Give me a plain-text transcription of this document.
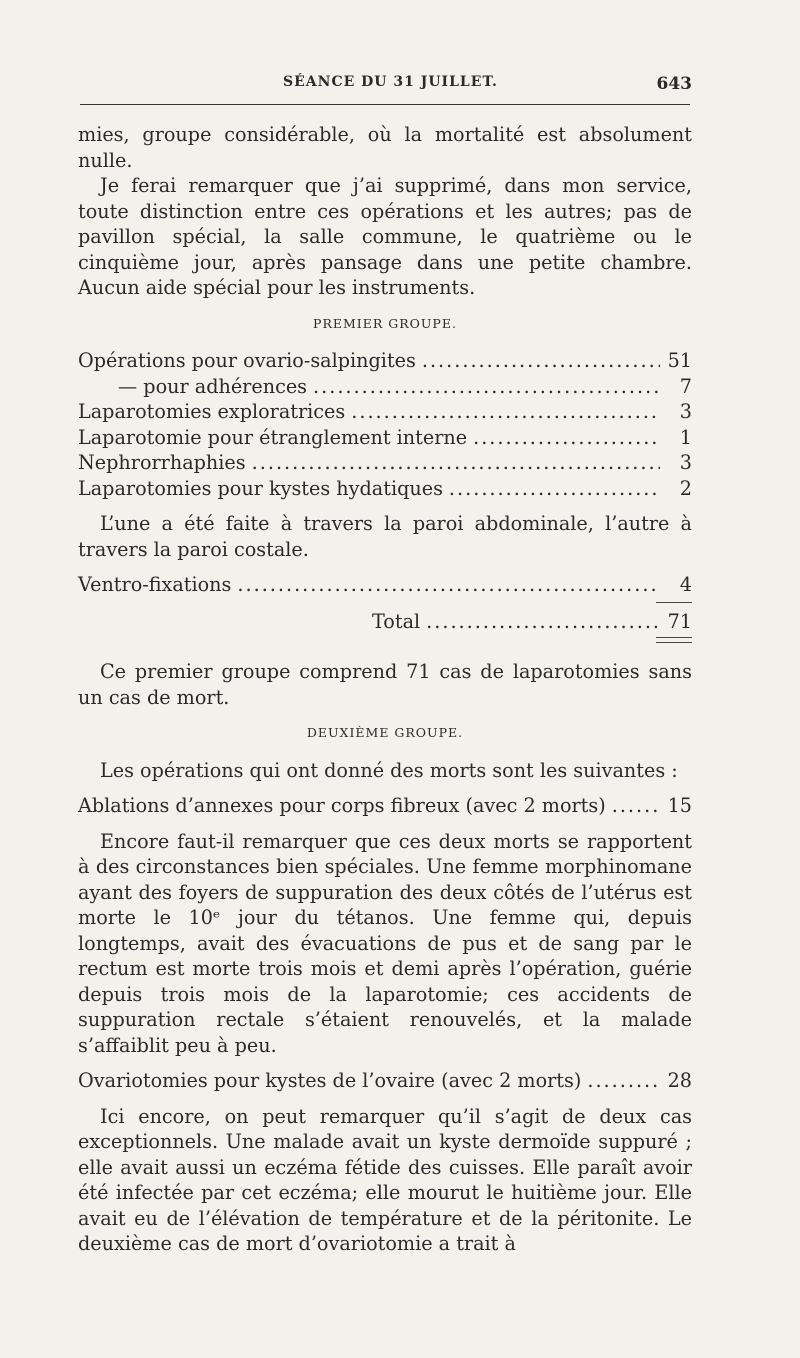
SÉANCE DU 31 JUILLET.	643

mies, groupe considérable, où la mortalité est absolument nulle.

Je ferai remarquer que j’ai supprimé, dans mon service, toute distinction entre ces opérations et les autres; pas de pavillon spécial, la salle commune, le quatrième ou le cinquième jour, après pansage dans une petite chambre. Aucun aide spécial pour les instruments.

PREMIER GROUPE.
Opérations pour ovario-salpingites .....	51
— pour adhérences .....	7
Laparotomies exploratrices .....	3
Laparotomie pour étranglement interne .....	1
Nephrorrhaphies .....	3
Laparotomies pour kystes hydatiques .....	2

L’une a été faite à travers la paroi abdominale, l’autre à travers la paroi costale.

Ventro-fixations .....	4
Total .....	71

Ce premier groupe comprend 71 cas de laparotomies sans un cas de mort.

DEUXIÈME GROUPE.

Les opérations qui ont donné des morts sont les suivantes :

Ablations d’annexes pour corps fibreux (avec 2 morts) .....	15

Encore faut-il remarquer que ces deux morts se rapportent à des circonstances bien spéciales. Une femme morphinomane ayant des foyers de suppuration des deux côtés de l’utérus est morte le 10ᵉ jour du tétanos. Une femme qui, depuis longtemps, avait des évacuations de pus et de sang par le rectum est morte trois mois et demi après l’opération, guérie depuis trois mois de la laparotomie; ces accidents de suppuration rectale s’étaient renouvelés, et la malade s’affaiblit peu à peu.

Ovariotomies pour kystes de l’ovaire (avec 2 morts) .....	28

Ici encore, on peut remarquer qu’il s’agit de deux cas exceptionnels. Une malade avait un kyste dermoïde suppuré ; elle avait aussi un eczéma fétide des cuisses. Elle paraît avoir été infectée par cet eczéma; elle mourut le huitième jour. Elle avait eu de l’élévation de température et de la péritonite. Le deuxième cas de mort d’ovariotomie a trait à
